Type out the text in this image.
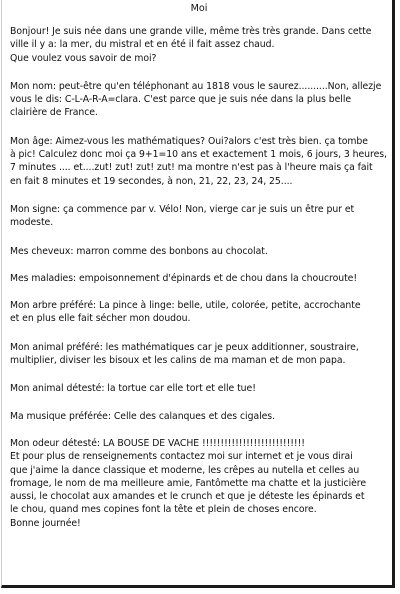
Moi
Bonjour! Je suis née dans une grande ville, même très très grande. Dans cette
ville il y a: la mer, du mistral et en été il fait assez chaud.
Que voulez vous savoir de moi?
Mon nom: peut-être qu'en téléphonant au 1818 vous le saurez..........Non, allezje
vous le dis: C-L-A-R-A=clara. C'est parce que je suis née dans la plus belle
clairière de France.
Mon âge: Aimez-vous les mathématiques? Oui?alors c'est très bien. ça tombe
à pic! Calculez donc moi ça 9+1=10 ans et exactement 1 mois, 6 jours, 3 heures,
7 minutes .... et....zut! zut! zut! zut! ma montre n'est pas à l'heure mais ça fait
en fait 8 minutes et 19 secondes, à non, 21, 22, 23, 24, 25....
Mon signe: ça commence par v. Vélo! Non, vierge car je suis un être pur et
modeste.
Mes cheveux: marron comme des bonbons au chocolat.
Mes maladies: empoisonnement d'épinards et de chou dans la choucroute!
Mon arbre préféré: La pince à linge: belle, utile, colorée, petite, accrochante
et en plus elle fait sécher mon doudou.
Mon animal préféré: les mathématiques car je peux additionner, soustraire,
multiplier, diviser les bisoux et les calins de ma maman et de mon papa.
Mon animal détesté: la tortue car elle tort et elle tue!
Ma musique préférée: Celle des calanques et des cigales.
Mon odeur détesté: LA BOUSE DE VACHE !!!!!!!!!!!!!!!!!!!!!!!!!!!!
Et pour plus de renseignements contactez moi sur internet et je vous dirai
que j'aime la dance classique et moderne, les crêpes au nutella et celles au
fromage, le nom de ma meilleure amie, Fantômette ma chatte et la justicière
aussi, le chocolat aux amandes et le crunch et que je déteste les épinards et
le chou, quand mes copines font la tête et plein de choses encore.
Bonne journée!
